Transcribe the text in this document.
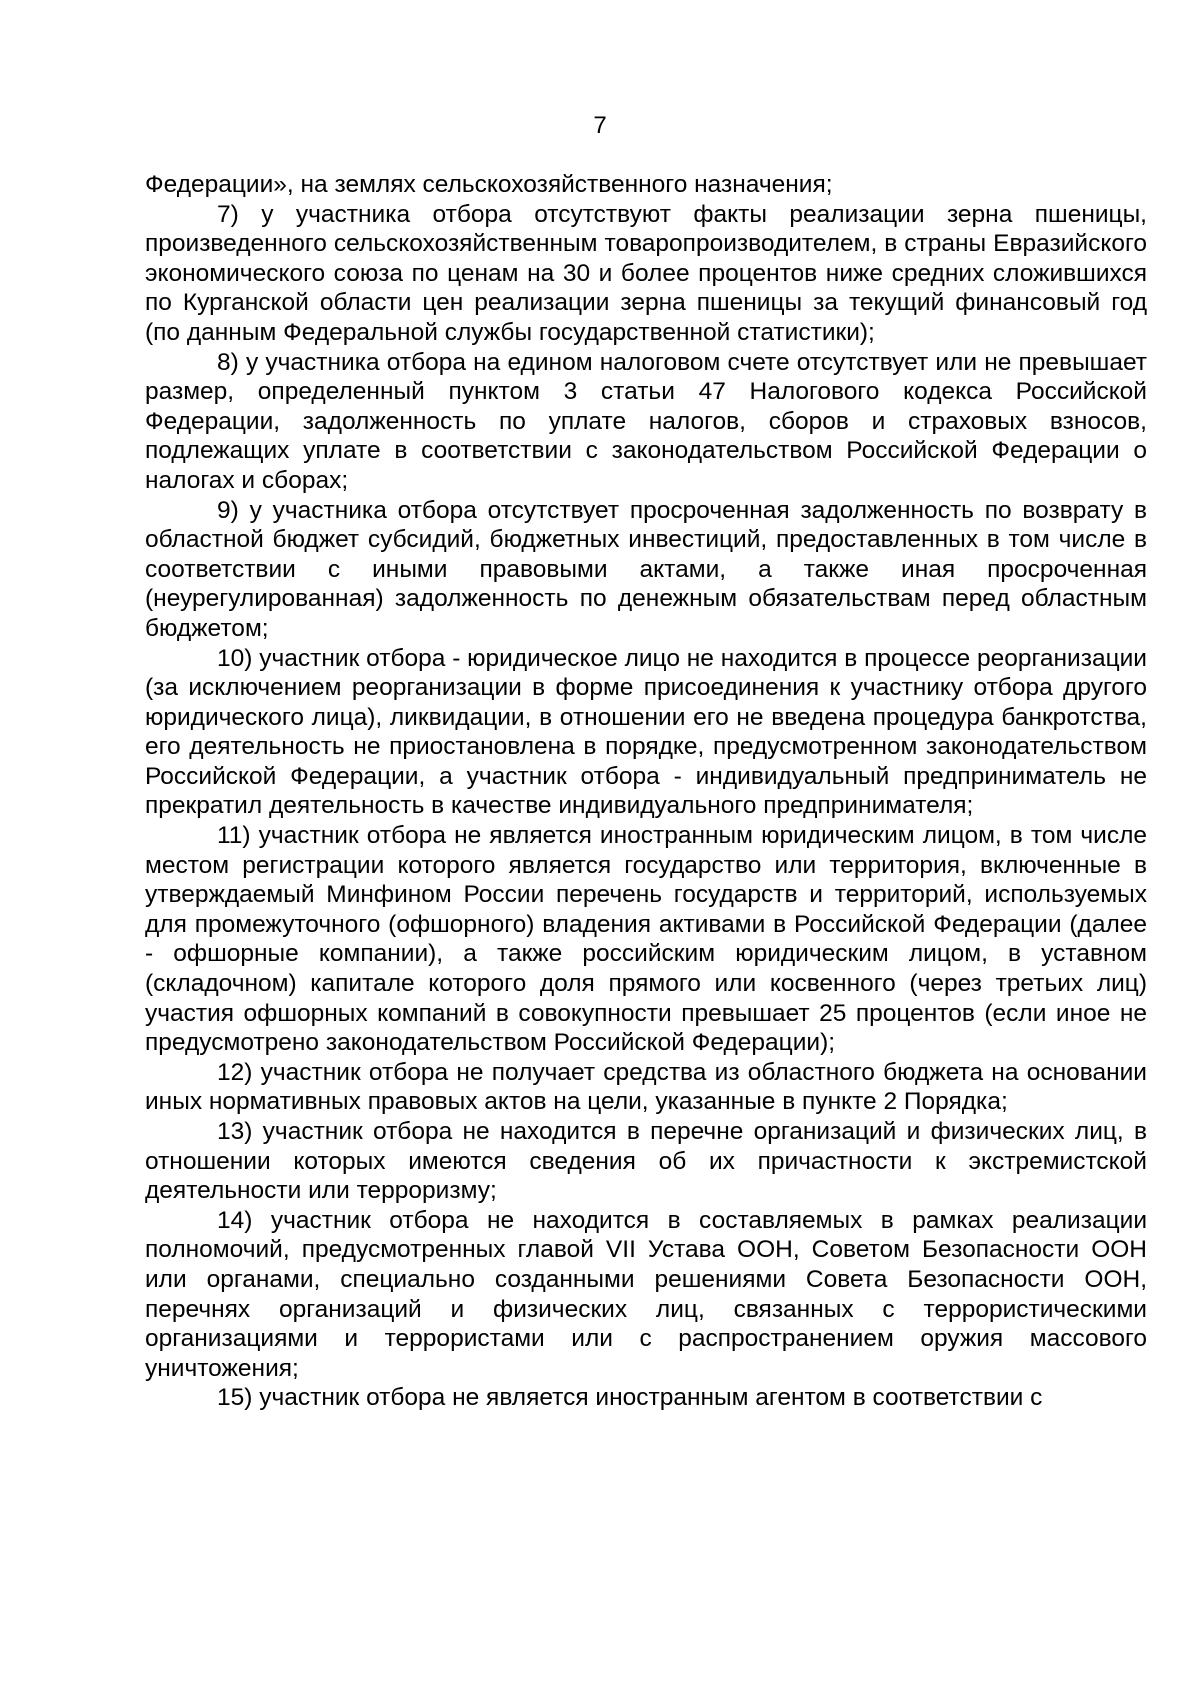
7

Федерации», на землях сельскохозяйственного назначения;

7) у участника отбора отсутствуют факты реализации зерна пшеницы, произведенного сельскохозяйственным товаропроизводителем, в страны Евразийского экономического союза по ценам на 30 и более процентов ниже средних сложившихся по Курганской области цен реализации зерна пшеницы за текущий финансовый год (по данным Федеральной службы государственной статистики);

8) у участника отбора на едином налоговом счете отсутствует или не превышает размер, определенный пунктом 3 статьи 47 Налогового кодекса Российской Федерации, задолженность по уплате налогов, сборов и страховых взносов, подлежащих уплате в соответствии с законодательством Российской Федерации о налогах и сборах;

9) у участника отбора отсутствует просроченная задолженность по возврату в областной бюджет субсидий, бюджетных инвестиций, предоставленных в том числе в соответствии с иными правовыми актами, а также иная просроченная (неурегулированная) задолженность по денежным обязательствам перед областным бюджетом;

10) участник отбора - юридическое лицо не находится в процессе реорганизации (за исключением реорганизации в форме присоединения к участнику отбора другого юридического лица), ликвидации, в отношении его не введена процедура банкротства, его деятельность не приостановлена в порядке, предусмотренном законодательством Российской Федерации, а участник отбора - индивидуальный предприниматель не прекратил деятельность в качестве индивидуального предпринимателя;

11) участник отбора не является иностранным юридическим лицом, в том числе местом регистрации которого является государство или территория, включенные в утверждаемый Минфином России перечень государств и территорий, используемых для промежуточного (офшорного) владения активами в Российской Федерации (далее - офшорные компании), а также российским юридическим лицом, в уставном (складочном) капитале которого доля прямого или косвенного (через третьих лиц) участия офшорных компаний в совокупности превышает 25 процентов (если иное не предусмотрено законодательством Российской Федерации);

12) участник отбора не получает средства из областного бюджета на основании иных нормативных правовых актов на цели, указанные в пункте 2 Порядка;

13) участник отбора не находится в перечне организаций и физических лиц, в отношении которых имеются сведения об их причастности к экстремистской деятельности или терроризму;

14) участник отбора не находится в составляемых в рамках реализации полномочий, предусмотренных главой VII Устава ООН, Советом Безопасности ООН или органами, специально созданными решениями Совета Безопасности ООН, перечнях организаций и физических лиц, связанных с террористическими организациями и террористами или с распространением оружия массового уничтожения;

15) участник отбора не является иностранным агентом в соответствии с
